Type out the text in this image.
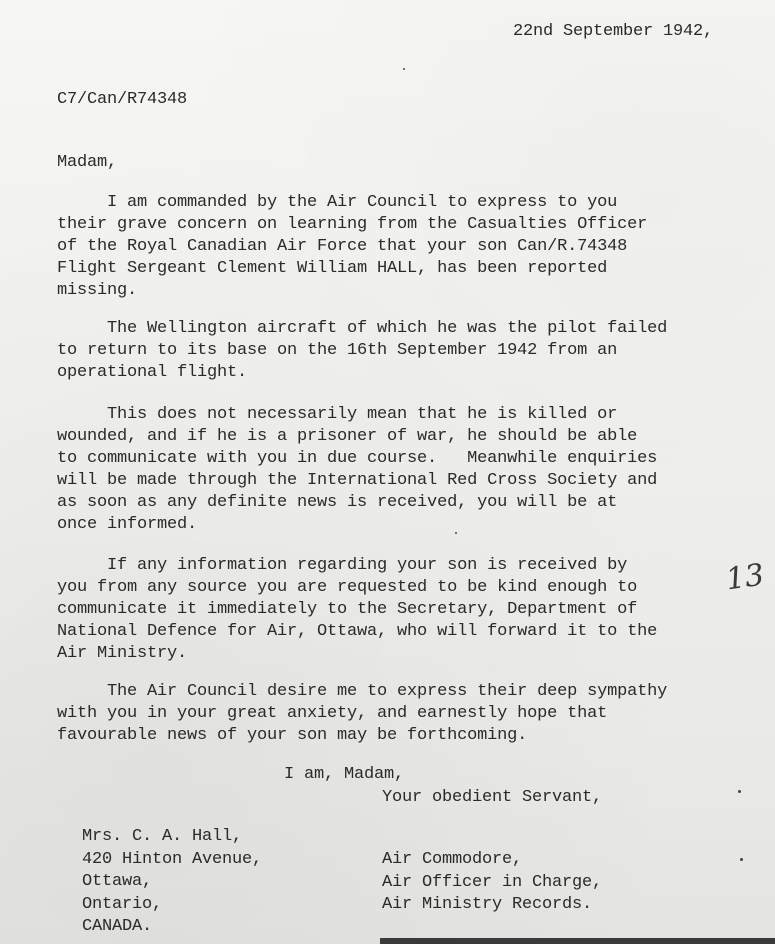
22nd September 1942,
C7/Can/R74348
Madam,
I am commanded by the Air Council to express to you
their grave concern on learning from the Casualties Officer
of the Royal Canadian Air Force that your son Can/R.74348
Flight Sergeant Clement William HALL, has been reported
missing.
The Wellington aircraft of which he was the pilot failed
to return to its base on the 16th September 1942 from an
operational flight.
This does not necessarily mean that he is killed or
wounded, and if he is a prisoner of war, he should be able
to communicate with you in due course.   Meanwhile enquiries
will be made through the International Red Cross Society and
as soon as any definite news is received, you will be at
once informed.
If any information regarding your son is received by
you from any source you are requested to be kind enough to
communicate it immediately to the Secretary, Department of
National Defence for Air, Ottawa, who will forward it to the
Air Ministry.
The Air Council desire me to express their deep sympathy
with you in your great anxiety, and earnestly hope that
favourable news of your son may be forthcoming.
I am, Madam,
Your obedient Servant,
Mrs. C. A. Hall,
420 Hinton Avenue,
Ottawa,
Ontario,
CANADA.
Air Commodore,
Air Officer in Charge,
Air Ministry Records.
13
